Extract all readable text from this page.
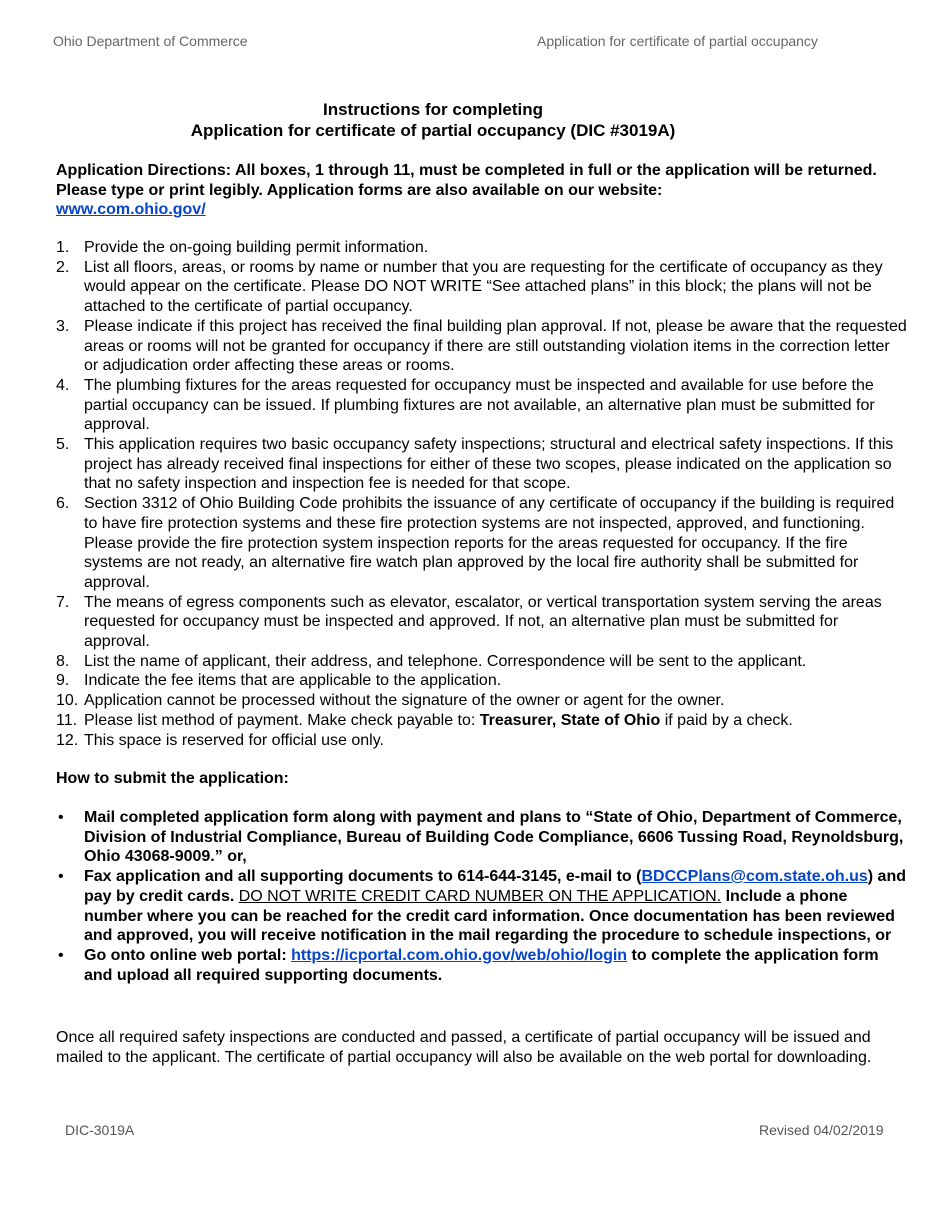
Ohio Department of Commerce	Application for certificate of partial occupancy
Instructions for completing
Application for certificate of partial occupancy (DIC #3019A)
Application Directions: All boxes, 1 through 11, must be completed in full or the application will be returned. Please type or print legibly. Application forms are also available on our website:
www.com.ohio.gov/
1. Provide the on-going building permit information.
2. List all floors, areas, or rooms by name or number that you are requesting for the certificate of occupancy as they would appear on the certificate. Please DO NOT WRITE “See attached plans” in this block; the plans will not be attached to the certificate of partial occupancy.
3. Please indicate if this project has received the final building plan approval. If not, please be aware that the requested areas or rooms will not be granted for occupancy if there are still outstanding violation items in the correction letter or adjudication order affecting these areas or rooms.
4. The plumbing fixtures for the areas requested for occupancy must be inspected and available for use before the partial occupancy can be issued. If plumbing fixtures are not available, an alternative plan must be submitted for approval.
5. This application requires two basic occupancy safety inspections; structural and electrical safety inspections. If this project has already received final inspections for either of these two scopes, please indicated on the application so that no safety inspection and inspection fee is needed for that scope.
6. Section 3312 of Ohio Building Code prohibits the issuance of any certificate of occupancy if the building is required to have fire protection systems and these fire protection systems are not inspected, approved, and functioning. Please provide the fire protection system inspection reports for the areas requested for occupancy. If the fire systems are not ready, an alternative fire watch plan approved by the local fire authority shall be submitted for approval.
7. The means of egress components such as elevator, escalator, or vertical transportation system serving the areas requested for occupancy must be inspected and approved. If not, an alternative plan must be submitted for approval.
8. List the name of applicant, their address, and telephone. Correspondence will be sent to the applicant.
9. Indicate the fee items that are applicable to the application.
10. Application cannot be processed without the signature of the owner or agent for the owner.
11. Please list method of payment. Make check payable to: Treasurer, State of Ohio if paid by a check.
12. This space is reserved for official use only.
How to submit the application:
• Mail completed application form along with payment and plans to “State of Ohio, Department of Commerce, Division of Industrial Compliance, Bureau of Building Code Compliance, 6606 Tussing Road, Reynoldsburg, Ohio 43068-9009.” or,
• Fax application and all supporting documents to 614-644-3145, e-mail to (BDCCPlans@com.state.oh.us) and pay by credit cards. DO NOT WRITE CREDIT CARD NUMBER ON THE APPLICATION. Include a phone number where you can be reached for the credit card information. Once documentation has been reviewed and approved, you will receive notification in the mail regarding the procedure to schedule inspections, or
• Go onto online web portal: https://icportal.com.ohio.gov/web/ohio/login to complete the application form and upload all required supporting documents.
Once all required safety inspections are conducted and passed, a certificate of partial occupancy will be issued and mailed to the applicant. The certificate of partial occupancy will also be available on the web portal for downloading.
DIC-3019A	Revised 04/02/2019
